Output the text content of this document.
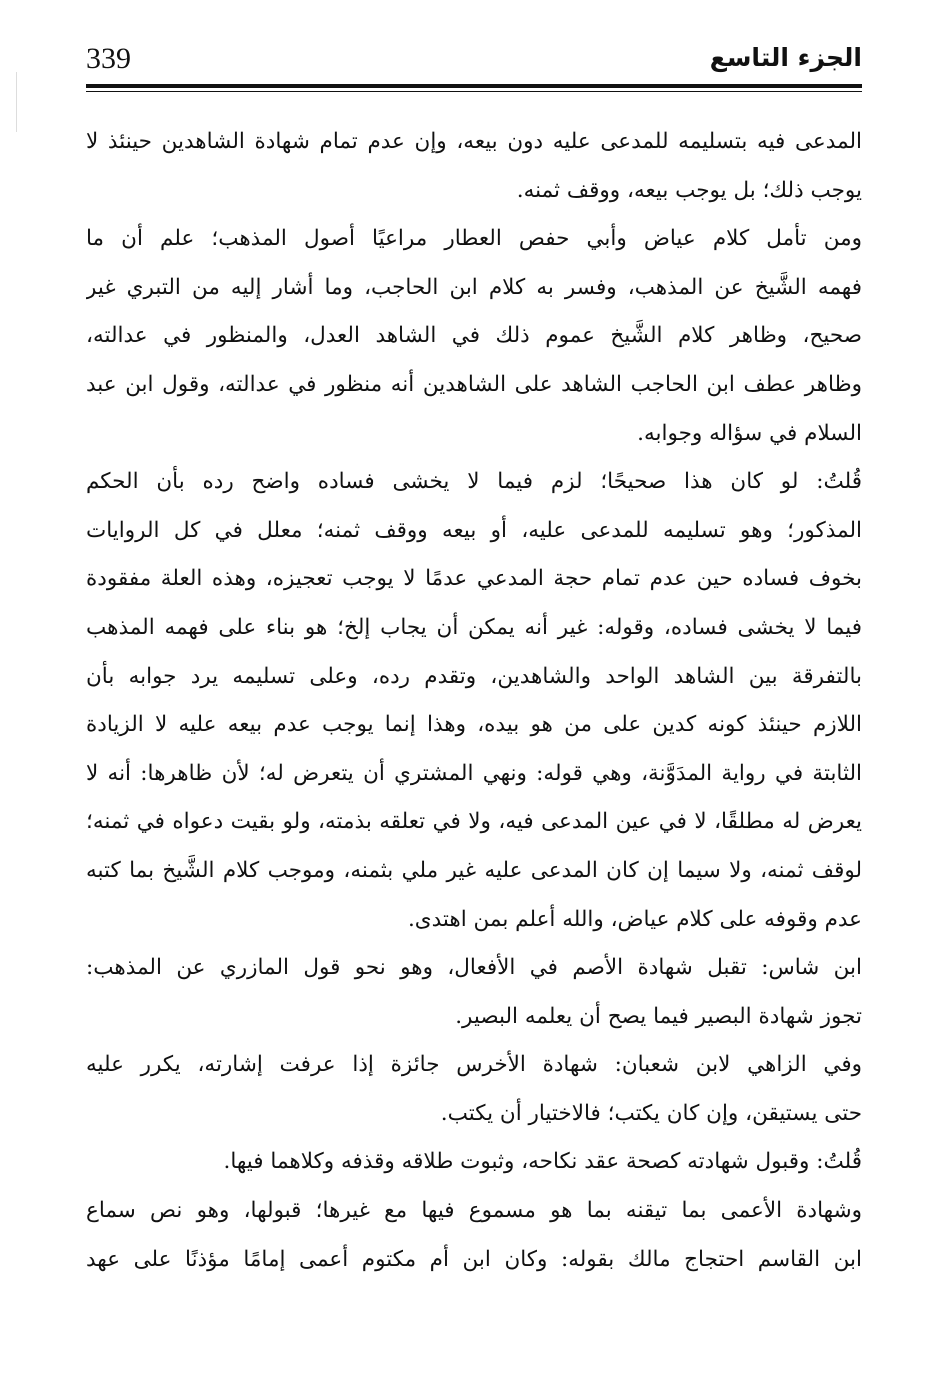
339	الجزء التاسع
المدعى فيه بتسليمه للمدعى عليه دون بيعه، وإن عدم تمام شهادة الشاهدين حينئذ لا
يوجب ذلك؛ بل يوجب بيعه، ووقف ثمنه.
ومن تأمل كلام عياض وأبي حفص العطار مراعيًا أصول المذهب؛ علم أن ما
فهمه الشَّيخ عن المذهب، وفسر به كلام ابن الحاجب، وما أشار إليه من التبري غير
صحيح، وظاهر كلام الشَّيخ عموم ذلك في الشاهد العدل، والمنظور في عدالته،
وظاهر عطف ابن الحاجب الشاهد على الشاهدين أنه منظور في عدالته، وقول ابن عبد
السلام في سؤاله وجوابه.
قُلتُ: لو كان هذا صحيحًا؛ لزم فيما لا يخشى فساده واضح رده بأن الحكم
المذكور؛ وهو تسليمه للمدعى عليه، أو بيعه ووقف ثمنه؛ معلل في كل الروايات
بخوف فساده حين عدم تمام حجة المدعي عدمًا لا يوجب تعجيزه، وهذه العلة مفقودة
فيما لا يخشى فساده، وقوله: غير أنه يمكن أن يجاب إلخ؛ هو بناء على فهمه المذهب
بالتفرقة بين الشاهد الواحد والشاهدين، وتقدم رده، وعلى تسليمه يرد جوابه بأن
اللازم حينئذ كونه كدين على من هو بيده، وهذا إنما يوجب عدم بيعه عليه لا الزيادة
الثابتة في رواية المدَوَّنة، وهي قوله: ونهي المشتري أن يتعرض له؛ لأن ظاهرها: أنه لا
يعرض له مطلقًا، لا في عين المدعى فيه، ولا في تعلقه بذمته، ولو بقيت دعواه في ثمنه؛
لوقف ثمنه، ولا سيما إن كان المدعى عليه غير ملي بثمنه، وموجب كلام الشَّيخ بما كتبه
عدم وقوفه على كلام عياض، والله أعلم بمن اهتدى.
ابن شاس: تقبل شهادة الأصم في الأفعال، وهو نحو قول المازري عن المذهب:
تجوز شهادة البصير فيما يصح أن يعلمه البصير.
وفي الزاهي لابن شعبان: شهادة الأخرس جائزة إذا عرفت إشارته، يكرر عليه
حتى يستيقن، وإن كان يكتب؛ فالاختيار أن يكتب.
قُلتُ: وقبول شهادته كصحة عقد نكاحه، وثبوت طلاقه وقذفه وكلاهما فيها.
وشهادة الأعمى بما تيقنه بما هو مسموع فيها مع غيرها؛ قبولها، وهو نص سماع
ابن القاسم احتجاج مالك بقوله: وكان ابن أم مكتوم أعمى إمامًا مؤذنًا على عهد
